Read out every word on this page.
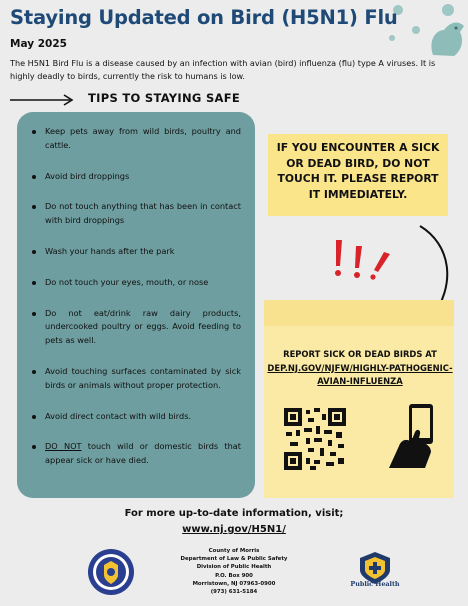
Staying Updated on Bird (H5N1) Flu
May 2025
The H5N1 Bird Flu is a disease caused by an infection with avian (bird) influenza (flu) type A viruses. It is highly deadly to birds, currently the risk to humans is low.
TIPS TO STAYING SAFE
Keep pets away from wild birds, poultry and cattle.
Avoid bird droppings
Do not touch anything that has been in contact with bird droppings
Wash your hands after the park
Do not touch your eyes, mouth, or nose
Do not eat/drink raw dairy products, undercooked poultry or eggs. Avoid feeding to pets as well.
Avoid touching surfaces contaminated by sick birds or animals without proper protection.
Avoid direct contact with wild birds.
DO NOT touch wild or domestic birds that appear sick or have died.
IF YOU ENCOUNTER A SICK OR DEAD BIRD, DO NOT TOUCH IT. PLEASE REPORT IT IMMEDIATELY.
REPORT SICK OR DEAD BIRDS AT
DEP.NJ.GOV/NJFW/HIGHLY-PATHOGENIC-AVIAN-INFLUENZA
For more up-to-date information, visit;
www.nj.gov/H5N1/
County of Morris
Department of Law & Public Safety
Division of Public Health
P.O. Box 900
Morristown, NJ 07963-0900
(973) 631-5184
Public Health
